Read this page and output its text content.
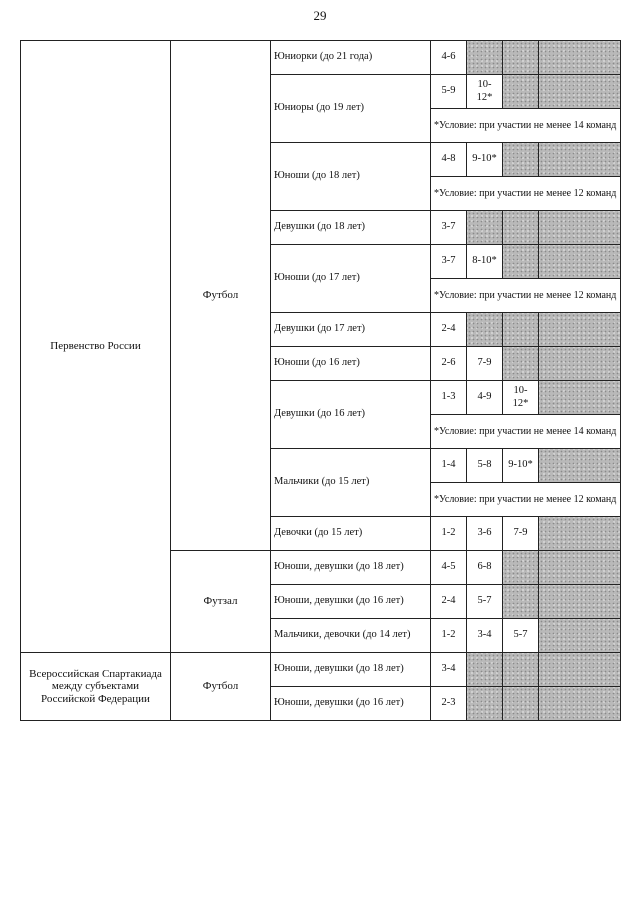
29
Первенство России	Футбол	Юниорки (до 21 года)	4-6			
		Юниоры (до 19 лет)	5-9	10-12*		
			*Условие: при участии не менее 14 команд			
		Юноши (до 18 лет)	4-8	9-10*		
			*Условие: при участии не менее 12 команд			
		Девушки (до 18 лет)	3-7			
		Юноши (до 17 лет)	3-7	8-10*		
			*Условие: при участии не менее 12 команд			
		Девушки (до 17 лет)	2-4			
		Юноши (до 16 лет)	2-6	7-9		
		Девушки (до 16 лет)	1-3	4-9	10-12*	
			*Условие: при участии не менее 14 команд			
		Мальчики (до 15 лет)	1-4	5-8	9-10*	
			*Условие: при участии не менее 12 команд			
		Девочки (до 15 лет)	1-2	3-6	7-9	
	Футзал	Юноши, девушки (до 18 лет)	4-5	6-8		
		Юноши, девушки (до 16 лет)	2-4	5-7		
		Мальчики, девочки (до 14 лет)	1-2	3-4	5-7	
Всероссийская Спартакиада между субъектами Российской Федерации	Футбол	Юноши, девушки (до 18 лет)	3-4			
		Юноши, девушки (до 16 лет)	2-3			
